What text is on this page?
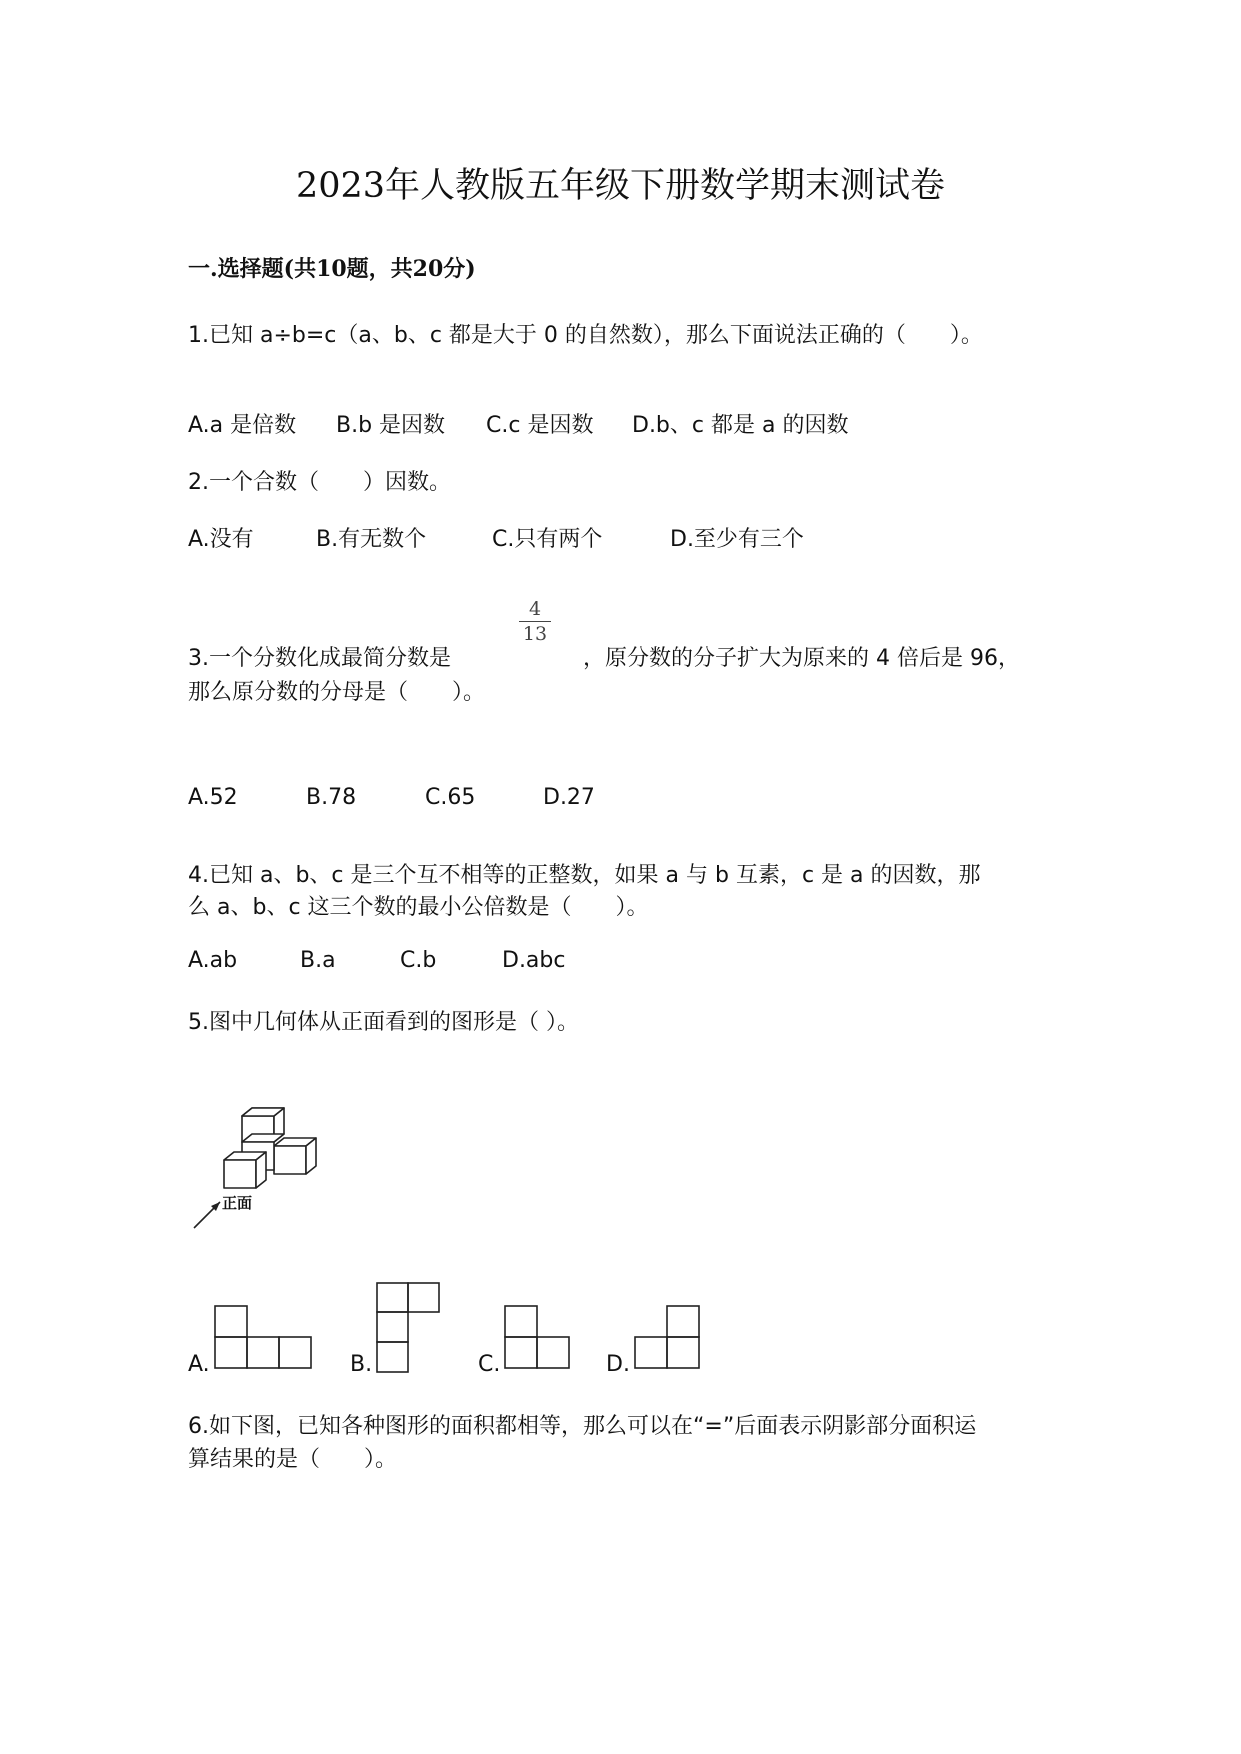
2023年人教版五年级下册数学期末测试卷
一.选择题(共10题，共20分)
1.已知 a÷b=c（a、b、c 都是大于 0 的自然数），那么下面说法正确的（　　）。
A.a 是倍数 B.b 是因数 C.c 是因数 D.b、c 都是 a 的因数
2.一个合数（　　）因数。
A.没有	B.有无数个	C.只有两个	D.至少有三个
3.一个分数化成最简分数是
4
13
，原分数的分子扩大为原来的 4 倍后是 96，
那么原分数的分母是（　　）。
A.52	B.78	C.65	D.27
4.已知 a、b、c 是三个互不相等的正整数，如果 a 与 b 互素，c 是 a 的因数，那
么 a、b、c 这三个数的最小公倍数是（　　）。
A.ab	B.a	C.b	D.abc
5.图中几何体从正面看到的图形是（ ）。
正面
A.	B.	C.	D.
6.如下图，已知各种图形的面积都相等，那么可以在“=”后面表示阴影部分面积运
算结果的是（　　）。
